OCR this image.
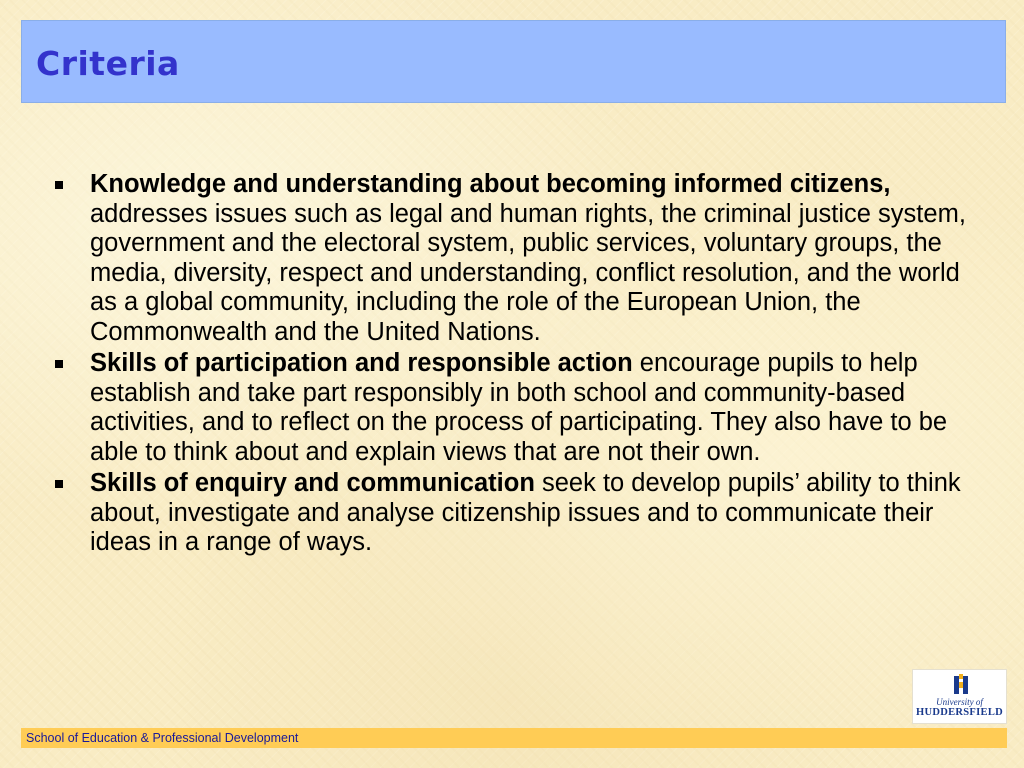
Criteria
Knowledge and understanding about becoming informed citizens, addresses issues such as legal and human rights, the criminal justice system, government and the electoral system, public services, voluntary groups, the media, diversity, respect and understanding, conflict resolution, and the world as a global community, including the role of the European Union, the Commonwealth and the United Nations.
Skills of participation and responsible action encourage pupils to help establish and take part responsibly in both school and community-based activities, and to reflect on the process of participating. They also have to be able to think about and explain views that are not their own.
Skills of enquiry and communication seek to develop pupils’ ability to think about, investigate and analyse citizenship issues and to communicate their ideas in a range of ways.
University of
HUDDERSFIELD
School of Education & Professional Development
